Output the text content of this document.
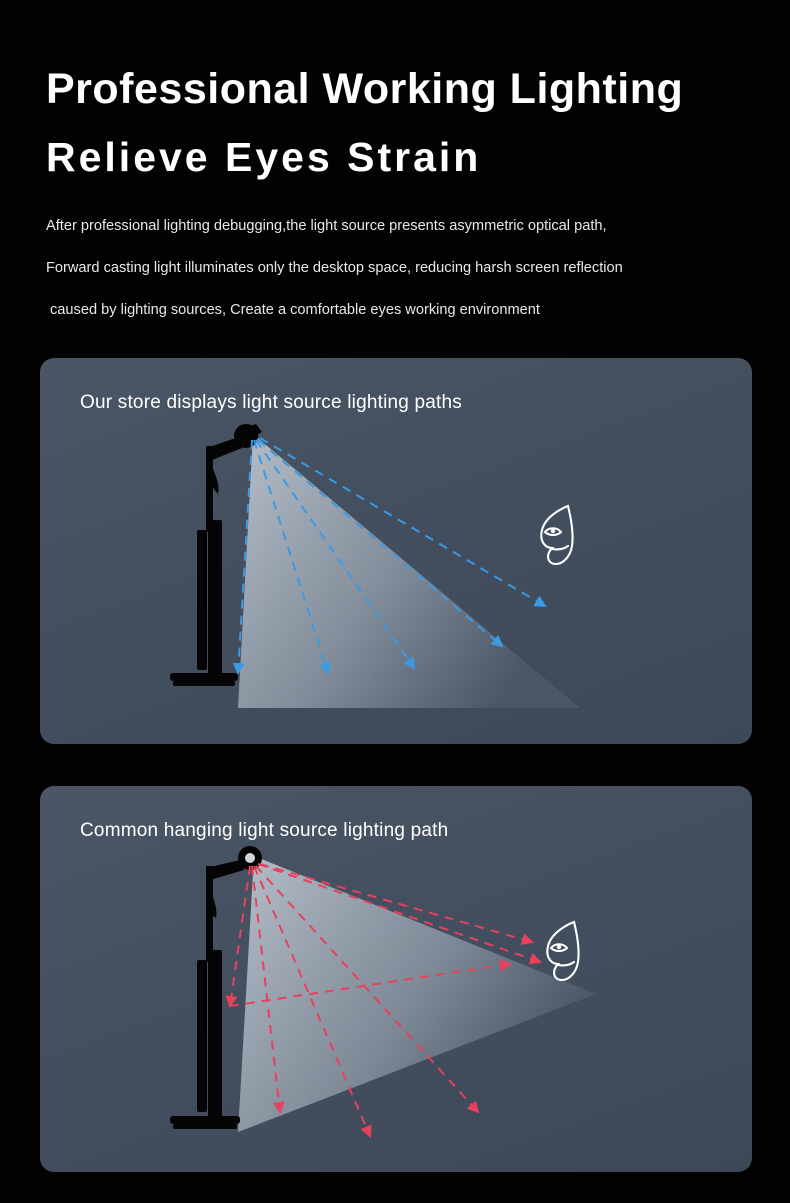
Professional Working Lighting
Relieve Eyes Strain
After professional lighting debugging,the light source presents asymmetric optical path,
Forward casting light illuminates only the desktop space, reducing harsh screen reflection
caused by lighting sources, Create a comfortable eyes working environment
Our store displays light source lighting paths
Common hanging light source lighting path
